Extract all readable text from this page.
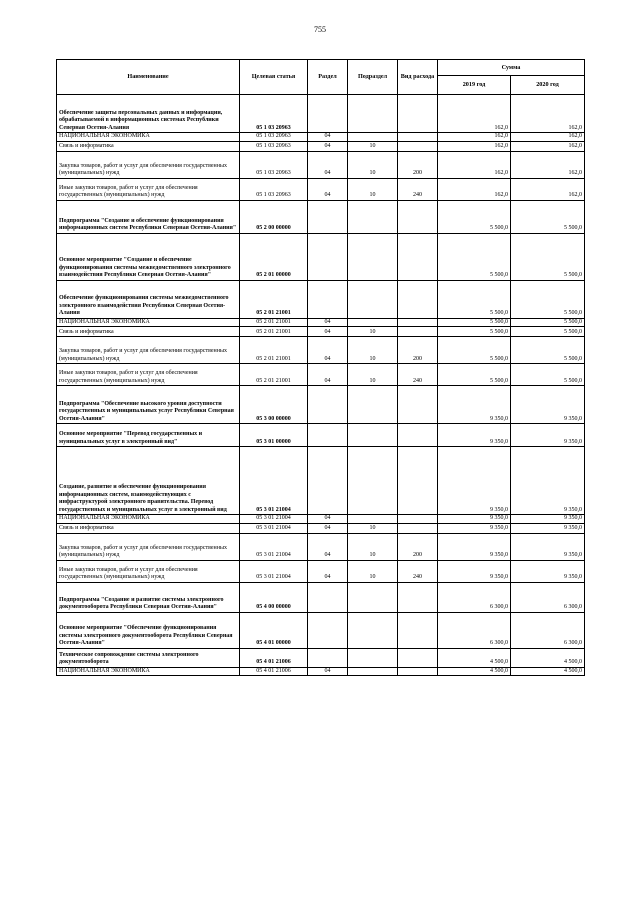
755
Наименование	Целевая статья	Раздел	Подраздел	Вид расхода	Сумма	
					2019 год	2020 год
Обеспечение защиты персональных данных и информации, обрабатываемой в информационных системах Республики Северная Осетия-Алания	05 1 03 20963				162,0	162,0
НАЦИОНАЛЬНАЯ ЭКОНОМИКА	05 1 03 20963	04			162,0	162,0
Связь и информатика	05 1 03 20963	04	10		162,0	162,0
Закупка товаров, работ и услуг для обеспечения государственных (муниципальных) нужд	05 1 03 20963	04	10	200	162,0	162,0
Иные закупки товаров, работ и услуг для обеспечения государственных (муниципальных) нужд	05 1 03 20963	04	10	240	162,0	162,0
Подпрограмма "Создание и обеспечение функционирования информационных систем Республики Северная Осетия-Алания"	05 2 00 00000				5 500,0	5 500,0
Основное мероприятие "Создание и обеспечение функционирования системы межведомственного электронного взаимодействия Республики Северная Осетия-Алания"	05 2 01 00000				5 500,0	5 500,0
Обеспечение функционирования системы межведомственного электронного взаимодействия Республики Северная Осетия-Алания	05 2 01 21001				5 500,0	5 500,0
НАЦИОНАЛЬНАЯ ЭКОНОМИКА	05 2 01 21001	04			5 500,0	5 500,0
Связь и информатика	05 2 01 21001	04	10		5 500,0	5 500,0
Закупка товаров, работ и услуг для обеспечения государственных (муниципальных) нужд	05 2 01 21001	04	10	200	5 500,0	5 500,0
Иные закупки товаров, работ и услуг для обеспечения государственных (муниципальных) нужд	05 2 01 21001	04	10	240	5 500,0	5 500,0
Подпрограмма "Обеспечение высокого уровня доступности государственных и муниципальных услуг Республики Северная Осетия-Алания"	05 3 00 00000				9 350,0	9 350,0
Основное мероприятие "Перевод государственных и муниципальных услуг в электронный вид"	05 3 01 00000				9 350,0	9 350,0
Создание, развитие и обеспечение функционирования информационных систем, взаимодействующих с инфраструктурой электронного правительства. Перевод государственных и муниципальных услуг в электронный вид	05 3 01 21004				9 350,0	9 350,0
НАЦИОНАЛЬНАЯ ЭКОНОМИКА	05 3 01 21004	04			9 350,0	9 350,0
Связь и информатика	05 3 01 21004	04	10		9 350,0	9 350,0
Закупка товаров, работ и услуг для обеспечения государственных (муниципальных) нужд	05 3 01 21004	04	10	200	9 350,0	9 350,0
Иные закупки товаров, работ и услуг для обеспечения государственных (муниципальных) нужд	05 3 01 21004	04	10	240	9 350,0	9 350,0
Подпрограмма "Создание и развитие системы электронного документооборота Республики Северная Осетия-Алания"	05 4 00 00000				6 300,0	6 300,0
Основное мероприятие "Обеспечение функционирования системы электронного документооборота Республики Северная Осетия-Алания"	05 4 01 00000				6 300,0	6 300,0
Техническое сопровождение системы электронного документооборота	05 4 01 21006				4 500,0	4 500,0
НАЦИОНАЛЬНАЯ ЭКОНОМИКА	05 4 01 21006	04			4 500,0	4 500,0
